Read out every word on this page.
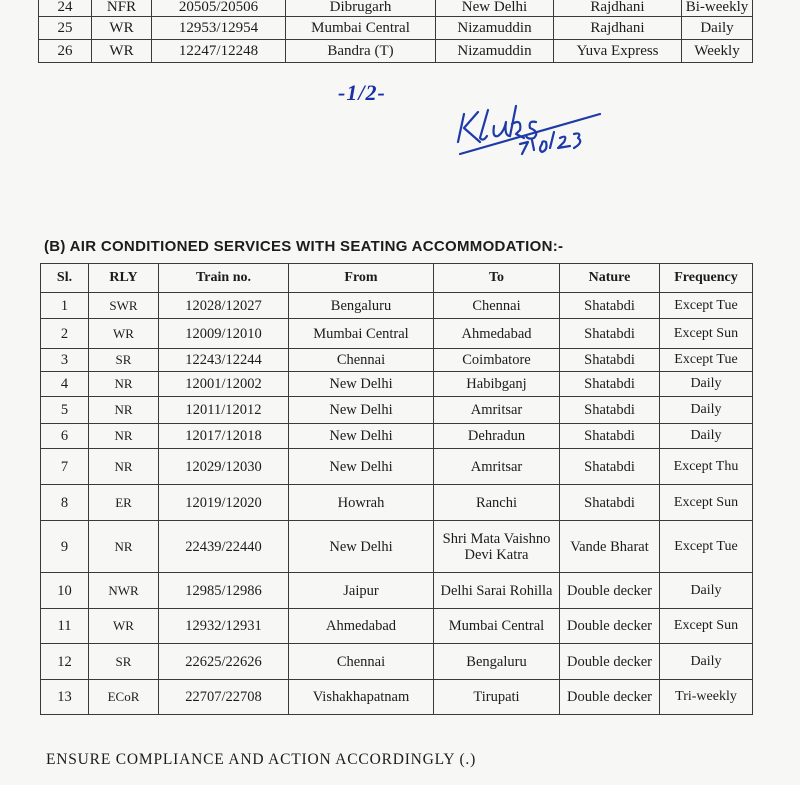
24	NFR	20505/20506	Dibrugarh	New Delhi	Rajdhani	Bi-weekly
25	WR	12953/12954	Mumbai Central	Nizamuddin	Rajdhani	Daily
26	WR	12247/12248	Bandra (T)	Nizamuddin	Yuva Express	Weekly
-1/2-
(B) AIR CONDITIONED SERVICES WITH SEATING ACCOMMODATION:-
Sl.	RLY	Train no.	From	To	Nature	Frequency
1	SWR	12028/12027	Bengaluru	Chennai	Shatabdi	Except Tue
2	WR	12009/12010	Mumbai Central	Ahmedabad	Shatabdi	Except Sun
3	SR	12243/12244	Chennai	Coimbatore	Shatabdi	Except Tue
4	NR	12001/12002	New Delhi	Habibganj	Shatabdi	Daily
5	NR	12011/12012	New Delhi	Amritsar	Shatabdi	Daily
6	NR	12017/12018	New Delhi	Dehradun	Shatabdi	Daily
7	NR	12029/12030	New Delhi	Amritsar	Shatabdi	Except Thu
8	ER	12019/12020	Howrah	Ranchi	Shatabdi	Except Sun
9	NR	22439/22440	New Delhi	Shri Mata Vaishno Devi Katra	Vande Bharat	Except Tue
10	NWR	12985/12986	Jaipur	Delhi Sarai Rohilla	Double decker	Daily
11	WR	12932/12931	Ahmedabad	Mumbai Central	Double decker	Except Sun
12	SR	22625/22626	Chennai	Bengaluru	Double decker	Daily
13	ECoR	22707/22708	Vishakhapatnam	Tirupati	Double decker	Tri-weekly

ENSURE COMPLIANCE AND ACTION ACCORDINGLY (.)
